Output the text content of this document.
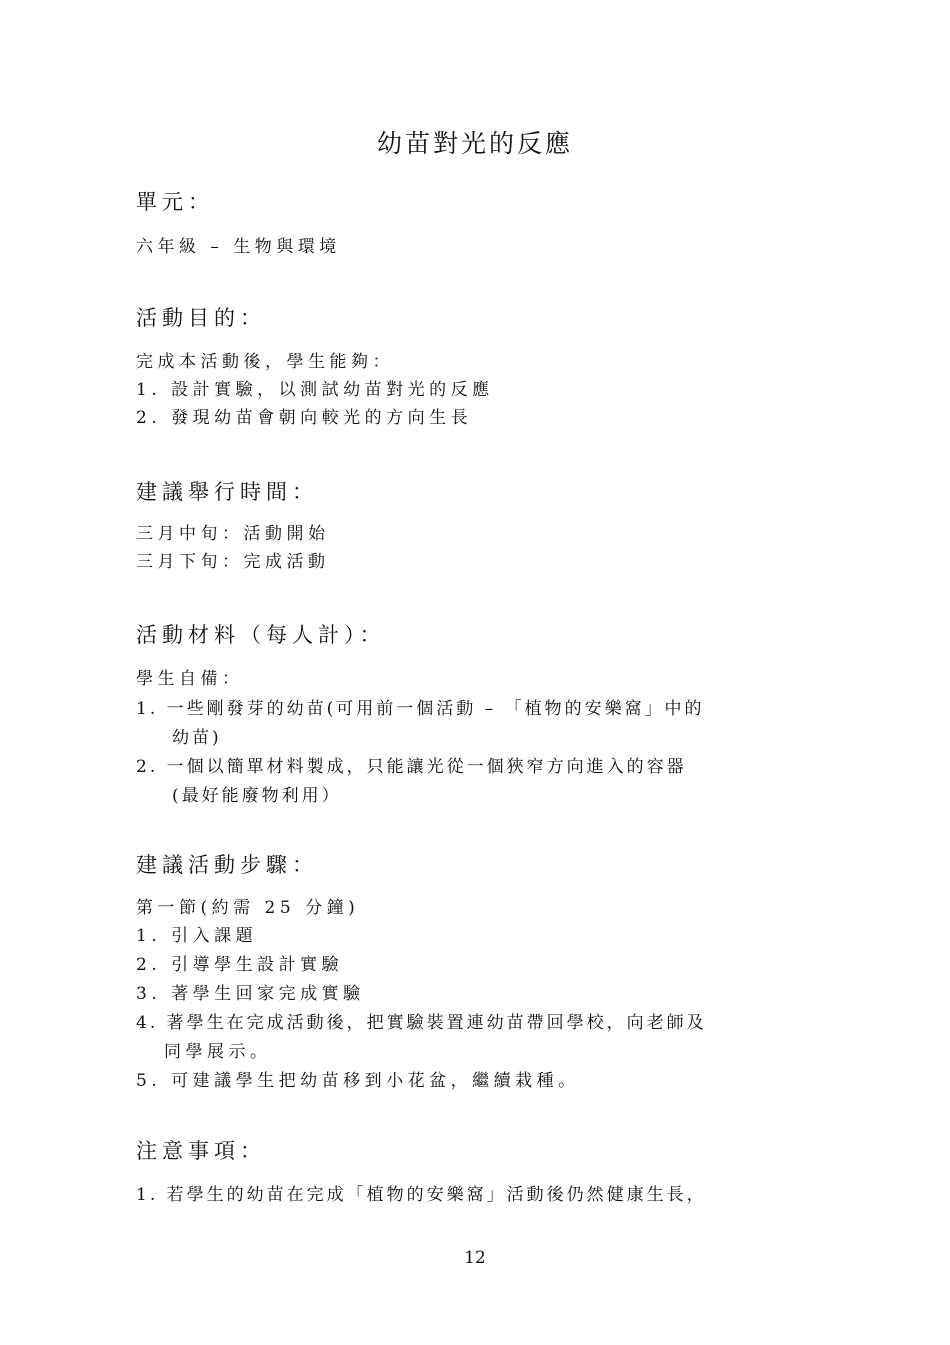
幼苗對光的反應
單元：
六年級 – 生物與環境
活動目的：
完成本活動後，學生能夠：
1. 設計實驗，以測試幼苗對光的反應
2. 發現幼苗會朝向較光的方向生長
建議舉行時間：
三月中旬：活動開始
三月下旬：完成活動
活動材料（每人計）：
學生自備：
1. 一些剛發芽的幼苗(可用前一個活動 – 「植物的安樂窩」中的
幼苗)
2. 一個以簡單材料製成，只能讓光從一個狹窄方向進入的容器
(最好能廢物利用）
建議活動步驟：
第一節(約需 25 分鐘)
1. 引入課題
2. 引導學生設計實驗
3. 著學生回家完成實驗
4. 著學生在完成活動後，把實驗裝置連幼苗帶回學校，向老師及
同學展示。
5. 可建議學生把幼苗移到小花盆，繼續栽種。
注意事項：
1. 若學生的幼苗在完成「植物的安樂窩」活動後仍然健康生長，
12
